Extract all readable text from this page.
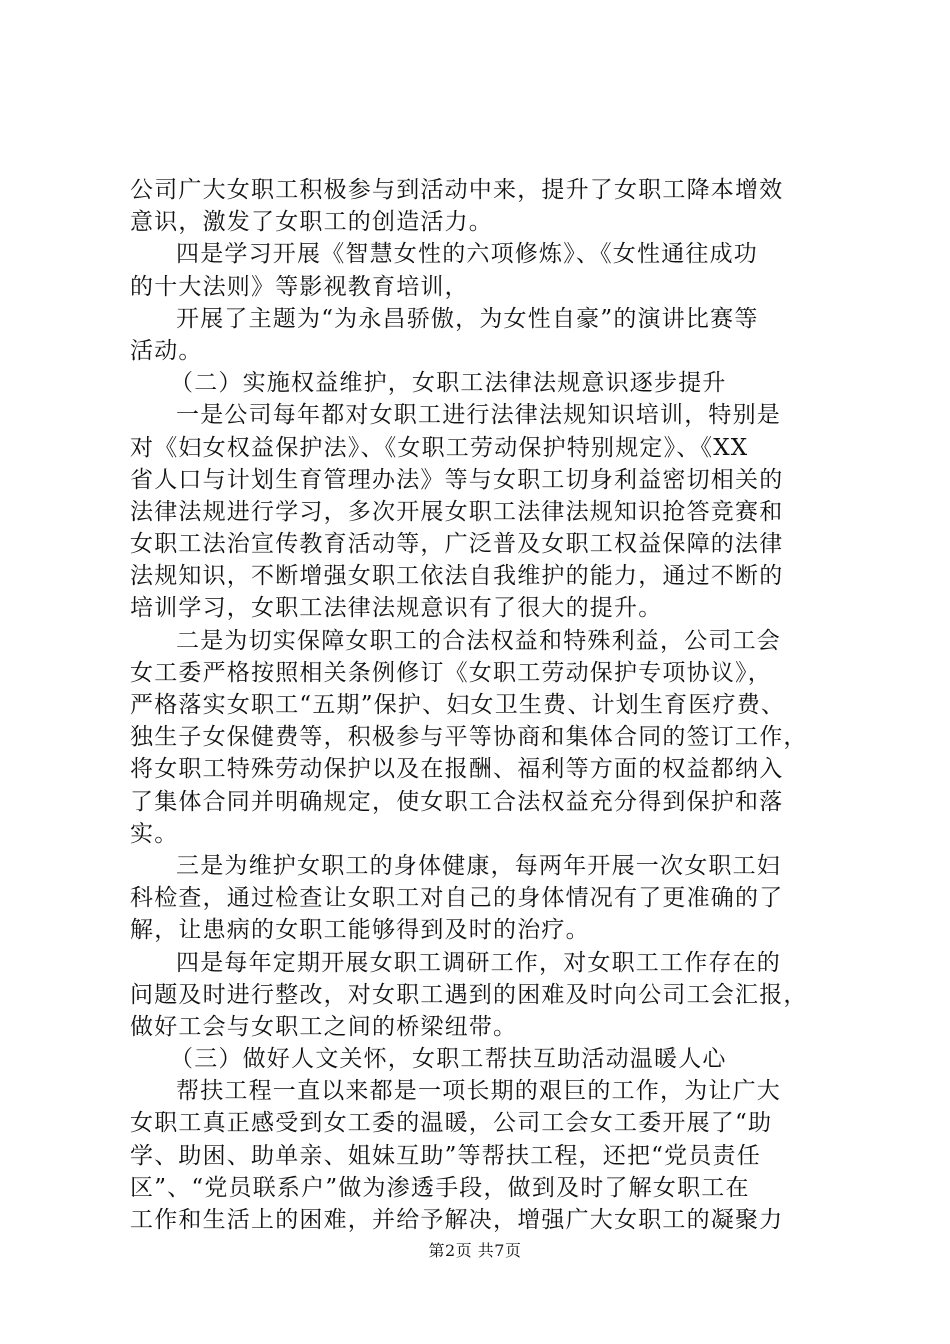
公司广大女职工积极参与到活动中来，提升了女职工降本增效
意识，激发了女职工的创造活力。
四是学习开展《智慧女性的六项修炼》、《女性通往成功
的十大法则》等影视教育培训，
开展了主题为“为永昌骄傲，为女性自豪”的演讲比赛等
活动。
（二）实施权益维护，女职工法律法规意识逐步提升
一是公司每年都对女职工进行法律法规知识培训，特别是
对《妇女权益保护法》、《女职工劳动保护特别规定》、《XX
省人口与计划生育管理办法》等与女职工切身利益密切相关的
法律法规进行学习，多次开展女职工法律法规知识抢答竞赛和
女职工法治宣传教育活动等，广泛普及女职工权益保障的法律
法规知识，不断增强女职工依法自我维护的能力，通过不断的
培训学习，女职工法律法规意识有了很大的提升。
二是为切实保障女职工的合法权益和特殊利益，公司工会
女工委严格按照相关条例修订《女职工劳动保护专项协议》，
严格落实女职工“五期”保护、妇女卫生费、计划生育医疗费、
独生子女保健费等，积极参与平等协商和集体合同的签订工作，
将女职工特殊劳动保护以及在报酬、福利等方面的权益都纳入
了集体合同并明确规定，使女职工合法权益充分得到保护和落
实。
三是为维护女职工的身体健康，每两年开展一次女职工妇
科检查，通过检查让女职工对自己的身体情况有了更准确的了
解，让患病的女职工能够得到及时的治疗。
四是每年定期开展女职工调研工作，对女职工工作存在的
问题及时进行整改，对女职工遇到的困难及时向公司工会汇报，
做好工会与女职工之间的桥梁纽带。
（三）做好人文关怀，女职工帮扶互助活动温暖人心
帮扶工程一直以来都是一项长期的艰巨的工作，为让广大
女职工真正感受到女工委的温暖，公司工会女工委开展了“助
学、助困、助单亲、姐妹互助”等帮扶工程，还把“党员责任
区”、“党员联系户”做为渗透手段，做到及时了解女职工在
工作和生活上的困难，并给予解决，增强广大女职工的凝聚力
第2页 共7页
